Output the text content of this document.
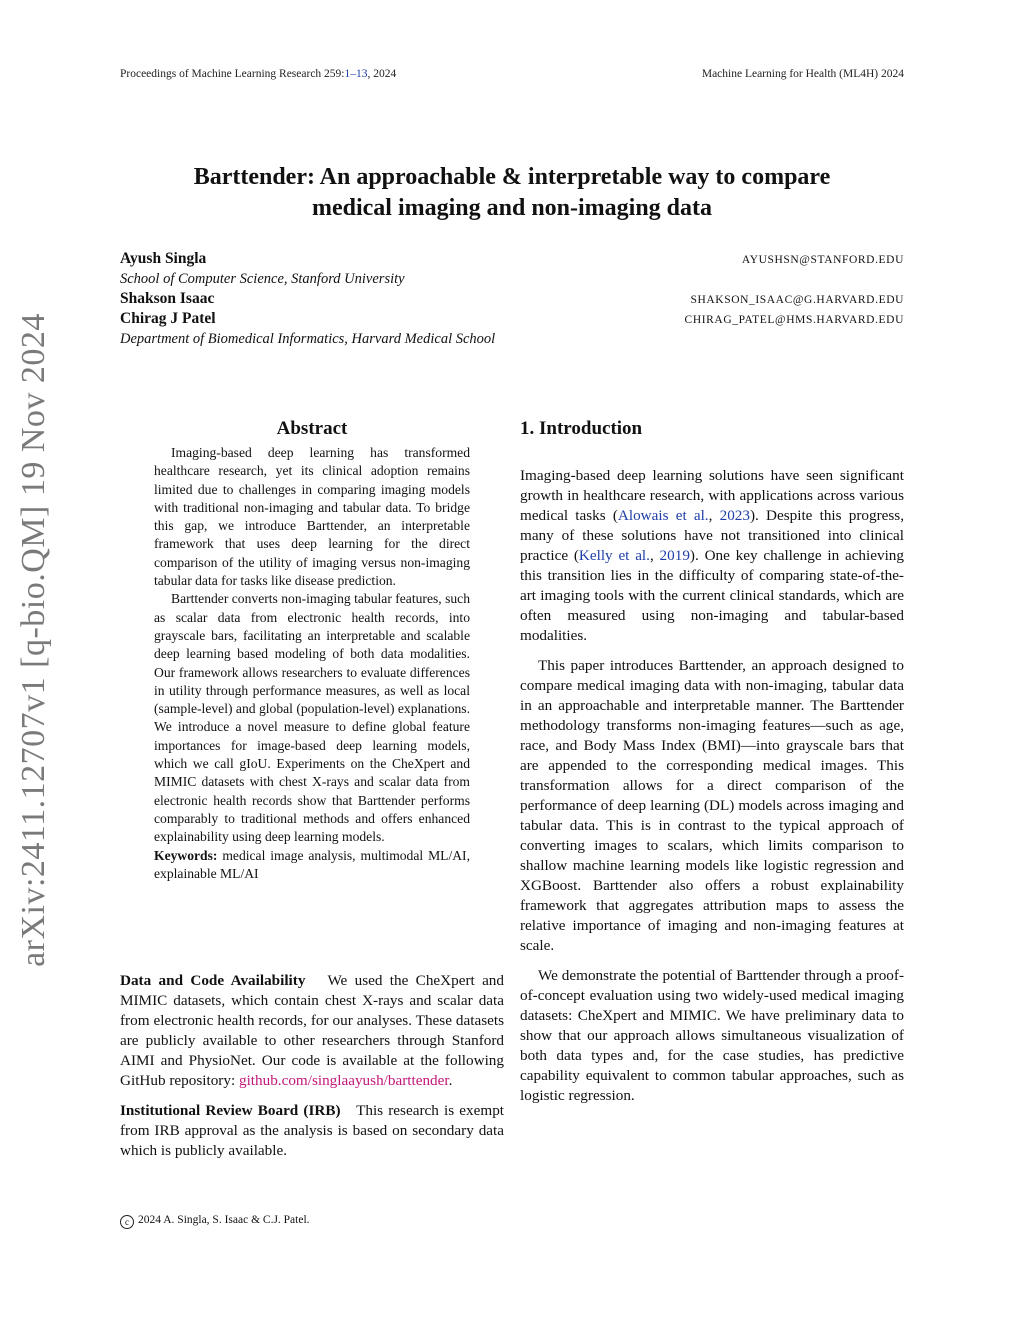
arXiv:2411.12707v1 [q-bio.QM] 19 Nov 2024
Proceedings of Machine Learning Research 259:1–13, 2024	Machine Learning for Health (ML4H) 2024
Barttender: An approachable & interpretable way to compare
medical imaging and non-imaging data
Ayush Singla	AYUSHSN@STANFORD.EDU
School of Computer Science, Stanford University
Shakson Isaac	SHAKSON_ISAAC@G.HARVARD.EDU
Chirag J Patel	CHIRAG_PATEL@HMS.HARVARD.EDU
Department of Biomedical Informatics, Harvard Medical School
Abstract

Imaging-based deep learning has transformed healthcare research, yet its clinical adoption remains limited due to challenges in comparing imaging models with traditional non-imaging and tabular data. To bridge this gap, we introduce Barttender, an interpretable framework that uses deep learning for the direct comparison of the utility of imaging versus non-imaging tabular data for tasks like disease prediction.

Barttender converts non-imaging tabular features, such as scalar data from electronic health records, into grayscale bars, facilitating an interpretable and scalable deep learning based modeling of both data modalities. Our framework allows researchers to evaluate differences in utility through performance measures, as well as local (sample-level) and global (population-level) explanations. We introduce a novel measure to define global feature importances for image-based deep learning models, which we call gIoU. Experiments on the CheXpert and MIMIC datasets with chest X-rays and scalar data from electronic health records show that Barttender performs comparably to traditional methods and offers enhanced explainability using deep learning models.

Keywords: medical image analysis, multimodal ML/AI, explainable ML/AI

Data and Code Availability We used the CheXpert and MIMIC datasets, which contain chest X-rays and scalar data from electronic health records, for our analyses. These datasets are publicly available to other researchers through Stanford AIMI and PhysioNet. Our code is available at the following GitHub repository: github.com/singlaayush/barttender.

Institutional Review Board (IRB) This research is exempt from IRB approval as the analysis is based on secondary data which is publicly available.

1. Introduction

Imaging-based deep learning solutions have seen significant growth in healthcare research, with applications across various medical tasks (Alowais et al., 2023). Despite this progress, many of these solutions have not transitioned into clinical practice (Kelly et al., 2019). One key challenge in achieving this transition lies in the difficulty of comparing state-of-the-art imaging tools with the current clinical standards, which are often measured using non-imaging and tabular-based modalities.

This paper introduces Barttender, an approach designed to compare medical imaging data with non-imaging, tabular data in an approachable and interpretable manner. The Barttender methodology transforms non-imaging features—such as age, race, and Body Mass Index (BMI)—into grayscale bars that are appended to the corresponding medical images. This transformation allows for a direct comparison of the performance of deep learning (DL) models across imaging and tabular data. This is in contrast to the typical approach of converting images to scalars, which limits comparison to shallow machine learning models like logistic regression and XGBoost. Barttender also offers a robust explainability framework that aggregates attribution maps to assess the relative importance of imaging and non-imaging features at scale.

We demonstrate the potential of Barttender through a proof-of-concept evaluation using two widely-used medical imaging datasets: CheXpert and MIMIC. We have preliminary data to show that our approach allows simultaneous visualization of both data types and, for the case studies, has predictive capability equivalent to common tabular approaches, such as logistic regression.

c 2024 A. Singla, S. Isaac & C.J. Patel.
